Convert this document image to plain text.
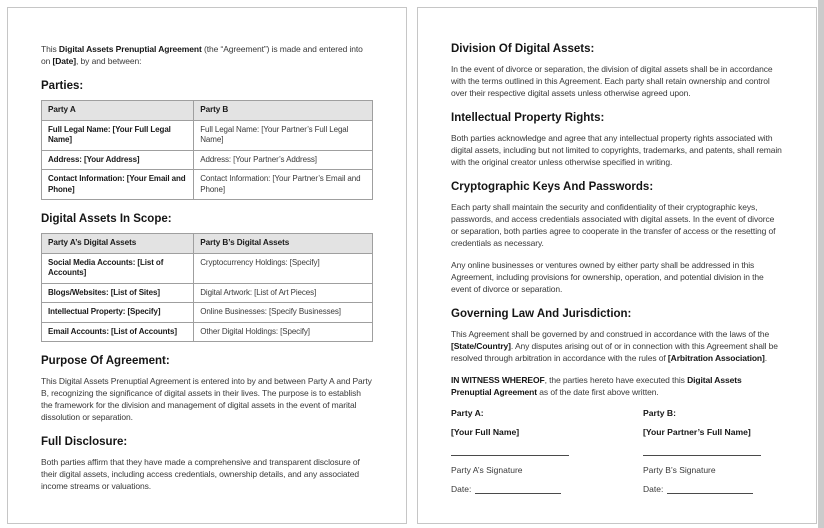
This Digital Assets Prenuptial Agreement (the “Agreement”) is made and entered into on [Date], by and between:

Parties:
Party A	Party B
Full Legal Name: [Your Full Legal Name]	Full Legal Name: [Your Partner’s Full Legal Name]
Address: [Your Address]	Address: [Your Partner’s Address]
Contact Information: [Your Email and Phone]	Contact Information: [Your Partner’s Email and Phone]
Digital Assets In Scope:
Party A’s Digital Assets	Party B’s Digital Assets
Social Media Accounts: [List of Accounts]	Cryptocurrency Holdings: [Specify]
Blogs/Websites: [List of Sites]	Digital Artwork: [List of Art Pieces]
Intellectual Property: [Specify]	Online Businesses: [Specify Businesses]
Email Accounts: [List of Accounts]	Other Digital Holdings: [Specify]
Purpose Of Agreement:

This Digital Assets Prenuptial Agreement is entered into by and between Party A and Party B, recognizing the significance of digital assets in their lives. The purpose is to establish the framework for the division and management of digital assets in the event of marital dissolution or separation.

Full Disclosure:

Both parties affirm that they have made a comprehensive and transparent disclosure of their digital assets, including access credentials, ownership details, and any associated income streams or valuations.

Division Of Digital Assets:

In the event of divorce or separation, the division of digital assets shall be in accordance with the terms outlined in this Agreement. Each party shall retain ownership and control over their respective digital assets unless otherwise agreed upon.

Intellectual Property Rights:

Both parties acknowledge and agree that any intellectual property rights associated with digital assets, including but not limited to copyrights, trademarks, and patents, shall remain with the original creator unless otherwise specified in writing.

Cryptographic Keys And Passwords:

Each party shall maintain the security and confidentiality of their cryptographic keys, passwords, and access credentials associated with digital assets. In the event of divorce or separation, both parties agree to cooperate in the transfer of access or the resetting of credentials as necessary.

Any online businesses or ventures owned by either party shall be addressed in this Agreement, including provisions for ownership, operation, and potential division in the event of divorce or separation.

Governing Law And Jurisdiction:

This Agreement shall be governed by and construed in accordance with the laws of the [State/Country]. Any disputes arising out of or in connection with this Agreement shall be resolved through arbitration in accordance with the rules of [Arbitration Association].

IN WITNESS WHEREOF, the parties hereto have executed this Digital Assets Prenuptial Agreement as of the date first above written.

Party A:

[Your Full Name]

Party A’s Signature

Date:

Party B:

[Your Partner’s Full Name]

Party B’s Signature

Date:
